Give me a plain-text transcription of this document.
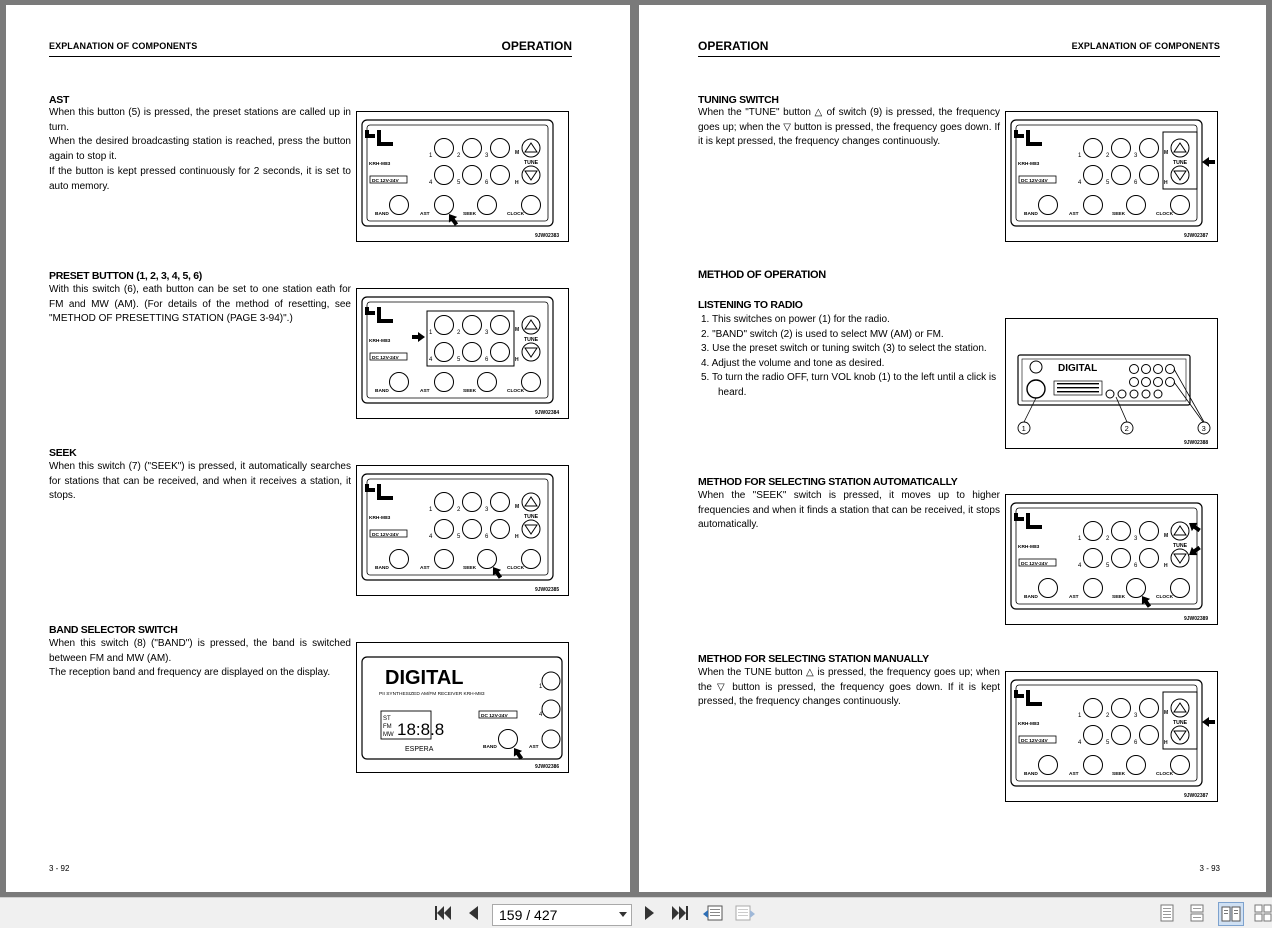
EXPLANATION OF COMPONENTS	OPERATION
AST

When this button (5) is pressed, the preset stations are called up in turn.

When the desired broadcasting station is reached, press the button again to stop it.

If the button is kept pressed continuously for 2 seconds, it is set to auto memory.

KRH-M83
DC 12V-24V
1	2	3
4	5	6
TUNE
M
H
BAND	AST	SEEK	CLOCK
9JW02383
PRESET BUTTON (1, 2, 3, 4, 5, 6)

With this switch (6), eath button can be set to one station eath for FM and MW (AM). (For details of the method of resetting, see "METHOD OF PRESETTING STATION (PAGE 3-94)".)

KRH-M83
DC 12V-24V
1	2	3
4	5	6
TUNE
M
H
BAND	AST	SEEK	CLOCK
9JW02384
SEEK

When this switch (7) ("SEEK") is pressed, it automatically searches for stations that can be received, and when it receives a station, it stops.

KRH-M83
DC 12V-24V
1	2	3
4	5	6
TUNE
M
H
BAND	AST	SEEK	CLOCK
9JW02385
BAND SELECTOR SWITCH

When this switch (8) ("BAND") is pressed, the band is switched between FM and MW (AM).

The reception band and frequency are displayed on the display.	DIGITAL
PII SYNTHESIZED AM/FM RECEIVER KRH-M83
ST
FM
MW 18:8.8
ESPERA
DC 12V-24V
BAND
1
4
AST
9JW02386
3 - 92
OPERATION	EXPLANATION OF COMPONENTS
TUNING SWITCH

When the "TUNE" button △ of switch (9) is pressed, the frequency goes up; when the ▽ button is pressed, the frequency goes down. If it is kept pressed, the frequency changes continuously.

KRH-M83
DC 12V-24V
1	2	3
4	5	6
TUNE
M
H
BAND	AST	SEEK	CLOCK
9JW02387
METHOD OF OPERATION
LISTENING TO RADIO
1. This switches on power (1) for the radio.
2. "BAND" switch (2) is used to select MW (AM) or FM.
3. Use the preset switch or tuning switch (3) to select the station.
4. Adjust the volume and tone as desired.
5. To turn the radio OFF, turn VOL knob (1) to the left until a click is heard.
DIGITAL
1	2	3
9JW02388
METHOD FOR SELECTING STATION AUTOMATICALLY

When the "SEEK" switch is pressed, it moves up to higher frequencies and when it finds a station that can be received, it stops automatically.

KRH-M83
DC 12V-24V
1	2	3
4	5	6
TUNE
M
H
BAND	AST	SEEK	CLOCK
9JW02389
METHOD FOR SELECTING STATION MANUALLY

When the TUNE button △ is pressed, the frequency goes up; when the ▽ button is pressed, the frequency goes down. If it is kept pressed, the frequency changes continuously.

KRH-M83
DC 12V-24V
1	2	3
4	5	6
TUNE
M
H
BAND	AST	SEEK	CLOCK
9JW02387
3 - 93
159 / 427
